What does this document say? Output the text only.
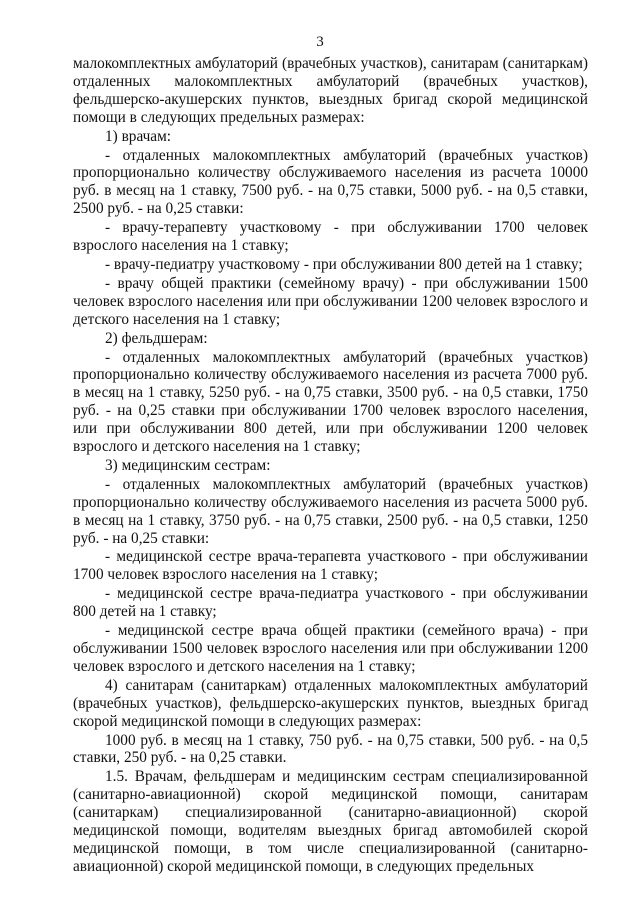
3

малокомплектных амбулаторий (врачебных участков), санитарам (санитаркам) отдаленных малокомплектных амбулаторий (врачебных участков), фельдшерско-акушерских пунктов, выездных бригад скорой медицинской помощи в следующих предельных размерах:

1) врачам:

- отдаленных малокомплектных амбулаторий (врачебных участков) пропорционально количеству обслуживаемого населения из расчета 10000 руб. в месяц на 1 ставку, 7500 руб. - на 0,75 ставки, 5000 руб. - на 0,5 ставки, 2500 руб. - на 0,25 ставки:

- врачу-терапевту участковому - при обслуживании 1700 человек взрослого населения на 1 ставку;

- врачу-педиатру участковому - при обслуживании 800 детей на 1 ставку;

- врачу общей практики (семейному врачу) - при обслуживании 1500 человек взрослого населения или при обслуживании 1200 человек взрослого и детского населения на 1 ставку;

2) фельдшерам:

- отдаленных малокомплектных амбулаторий (врачебных участков) пропорционально количеству обслуживаемого населения из расчета 7000 руб. в месяц на 1 ставку, 5250 руб. - на 0,75 ставки, 3500 руб. - на 0,5 ставки, 1750 руб. - на 0,25 ставки при обслуживании 1700 человек взрослого населения, или при обслуживании 800 детей, или при обслуживании 1200 человек взрослого и детского населения на 1 ставку;

3) медицинским сестрам:

- отдаленных малокомплектных амбулаторий (врачебных участков) пропорционально количеству обслуживаемого населения из расчета 5000 руб. в месяц на 1 ставку, 3750 руб. - на 0,75 ставки, 2500 руб. - на 0,5 ставки, 1250 руб. - на 0,25 ставки:

- медицинской сестре врача-терапевта участкового - при обслуживании 1700 человек взрослого населения на 1 ставку;

- медицинской сестре врача-педиатра участкового - при обслуживании 800 детей на 1 ставку;

- медицинской сестре врача общей практики (семейного врача) - при обслуживании 1500 человек взрослого населения или при обслуживании 1200 человек взрослого и детского населения на 1 ставку;

4) санитарам (санитаркам) отдаленных малокомплектных амбулаторий (врачебных участков), фельдшерско-акушерских пунктов, выездных бригад скорой медицинской помощи в следующих размерах:

1000 руб. в месяц на 1 ставку, 750 руб. - на 0,75 ставки, 500 руб. - на 0,5 ставки, 250 руб. - на 0,25 ставки.

1.5. Врачам, фельдшерам и медицинским сестрам специализированной (санитарно-авиационной) скорой медицинской помощи, санитарам (санитаркам) специализированной (санитарно-авиационной) скорой медицинской помощи, водителям выездных бригад автомобилей скорой медицинской помощи, в том числе специализированной (санитарно-авиационной) скорой медицинской помощи, в следующих предельных
